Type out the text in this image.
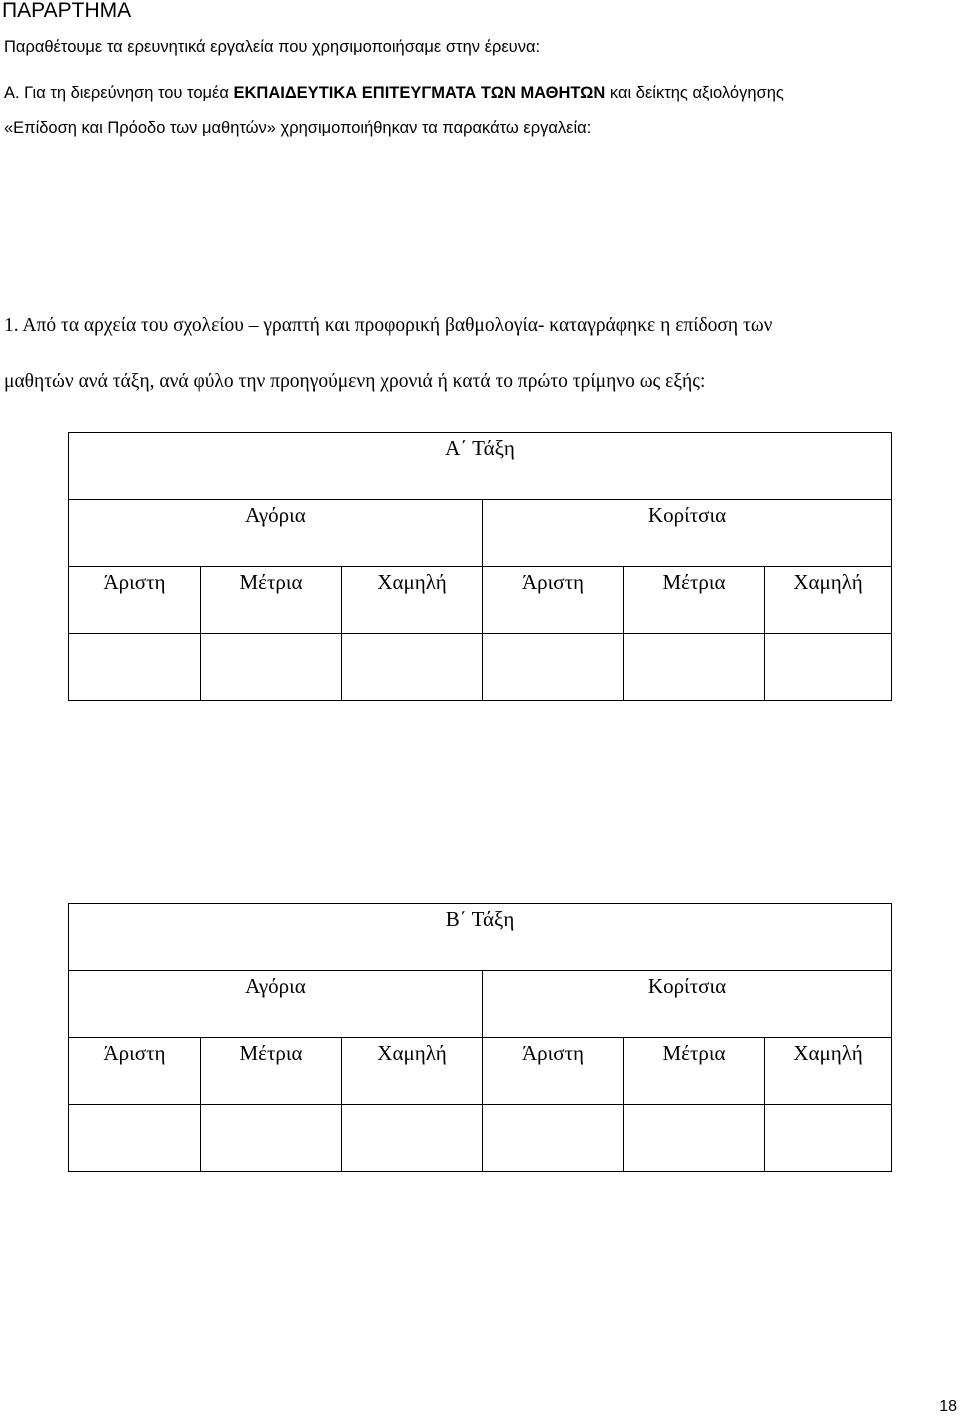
ΠΑΡΑΡΤΗΜΑ
Παραθέτουμε τα ερευνητικά εργαλεία που χρησιμοποιήσαμε στην έρευνα:
Α. Για τη διερεύνηση του τομέα ΕΚΠΑΙΔΕΥΤΙΚΑ ΕΠΙΤΕΥΓΜΑΤΑ ΤΩΝ ΜΑΘΗΤΩΝ και δείκτης αξιολόγησης
«Επίδοση και Πρόοδο των μαθητών» χρησιμοποιήθηκαν τα παρακάτω εργαλεία:
1. Από τα αρχεία του σχολείου – γραπτή και προφορική βαθμολογία- καταγράφηκε η επίδοση των
μαθητών ανά τάξη, ανά φύλο την προηγούμενη χρονιά ή κατά το πρώτο τρίμηνο ως εξής:
Α΄ Τάξη					
Αγόρια			Κορίτσια		
Άριστη	Μέτρια	Χαμηλή	Άριστη	Μέτρια	Χαμηλή

Β΄ Τάξη					
Αγόρια			Κορίτσια		
Άριστη	Μέτρια	Χαμηλή	Άριστη	Μέτρια	Χαμηλή

18
